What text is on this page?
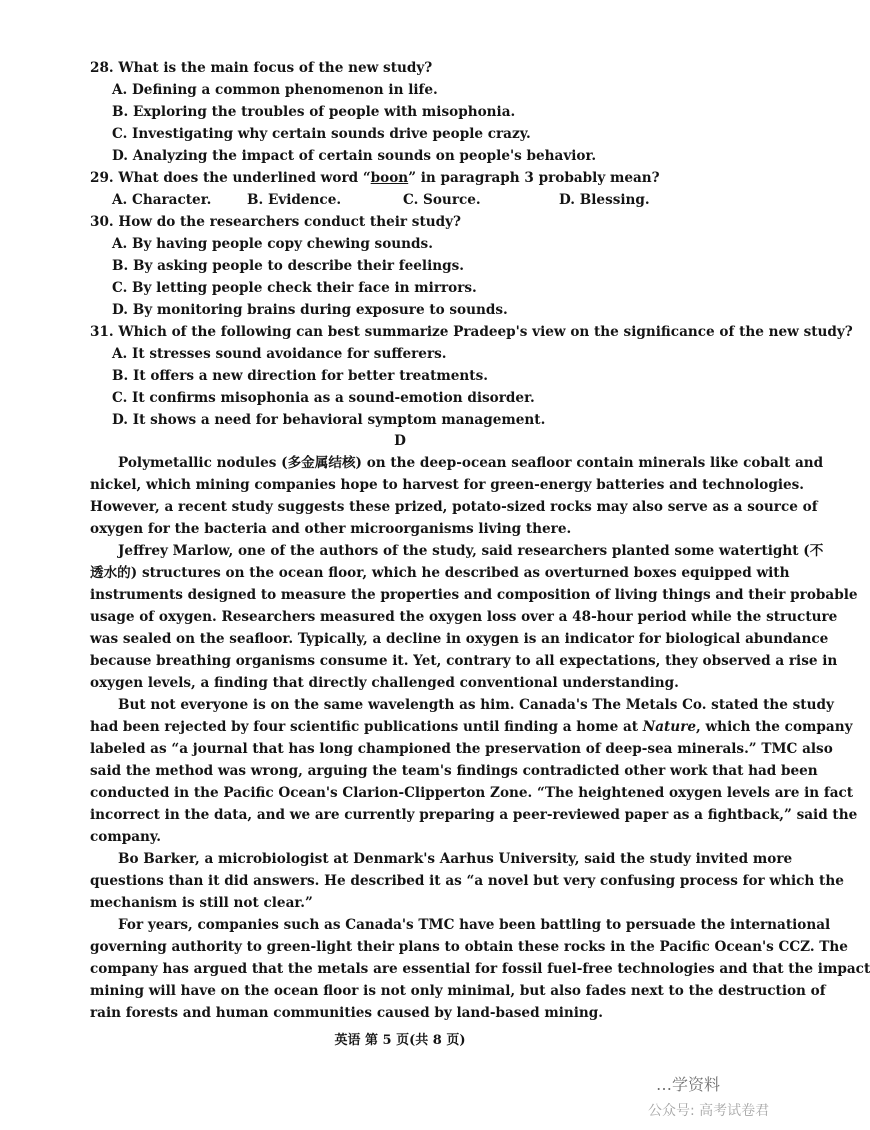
28. What is the main focus of the new study?
A. Defining a common phenomenon in life.
B. Exploring the troubles of people with misophonia.
C. Investigating why certain sounds drive people crazy.
D. Analyzing the impact of certain sounds on people's behavior.
29. What does the underlined word “boon” in paragraph 3 probably mean?
A. Character.	B. Evidence.	C. Source.	D. Blessing.
30. How do the researchers conduct their study?
A. By having people copy chewing sounds.
B. By asking people to describe their feelings.
C. By letting people check their face in mirrors.
D. By monitoring brains during exposure to sounds.
31. Which of the following can best summarize Pradeep's view on the significance of the new study?
A. It stresses sound avoidance for sufferers.
B. It offers a new direction for better treatments.
C. It confirms misophonia as a sound-emotion disorder.
D. It shows a need for behavioral symptom management.
D
Polymetallic nodules (多金属结核) on the deep-ocean seafloor contain minerals like cobalt and
nickel, which mining companies hope to harvest for green-energy batteries and technologies.
However, a recent study suggests these prized, potato-sized rocks may also serve as a source of
oxygen for the bacteria and other microorganisms living there.
Jeffrey Marlow, one of the authors of the study, said researchers planted some watertight (不
透水的) structures on the ocean floor, which he described as overturned boxes equipped with
instruments designed to measure the properties and composition of living things and their probable
usage of oxygen. Researchers measured the oxygen loss over a 48-hour period while the structure
was sealed on the seafloor. Typically, a decline in oxygen is an indicator for biological abundance
because breathing organisms consume it. Yet, contrary to all expectations, they observed a rise in
oxygen levels, a finding that directly challenged conventional understanding.
But not everyone is on the same wavelength as him. Canada's The Metals Co. stated the study
had been rejected by four scientific publications until finding a home at Nature, which the company
labeled as “a journal that has long championed the preservation of deep-sea minerals.” TMC also
said the method was wrong, arguing the team's findings contradicted other work that had been
conducted in the Pacific Ocean's Clarion-Clipperton Zone. “The heightened oxygen levels are in fact
incorrect in the data, and we are currently preparing a peer-reviewed paper as a fightback,” said the
company.
Bo Barker, a microbiologist at Denmark's Aarhus University, said the study invited more
questions than it did answers. He described it as “a novel but very confusing process for which the
mechanism is still not clear.”
For years, companies such as Canada's TMC have been battling to persuade the international
governing authority to green-light their plans to obtain these rocks in the Pacific Ocean's CCZ. The
company has argued that the metals are essential for fossil fuel-free technologies and that the impact
mining will have on the ocean floor is not only minimal, but also fades next to the destruction of
rain forests and human communities caused by land-based mining.
英语 第 5 页(共 8 页)
…学资料
公众号: 高考试卷君
